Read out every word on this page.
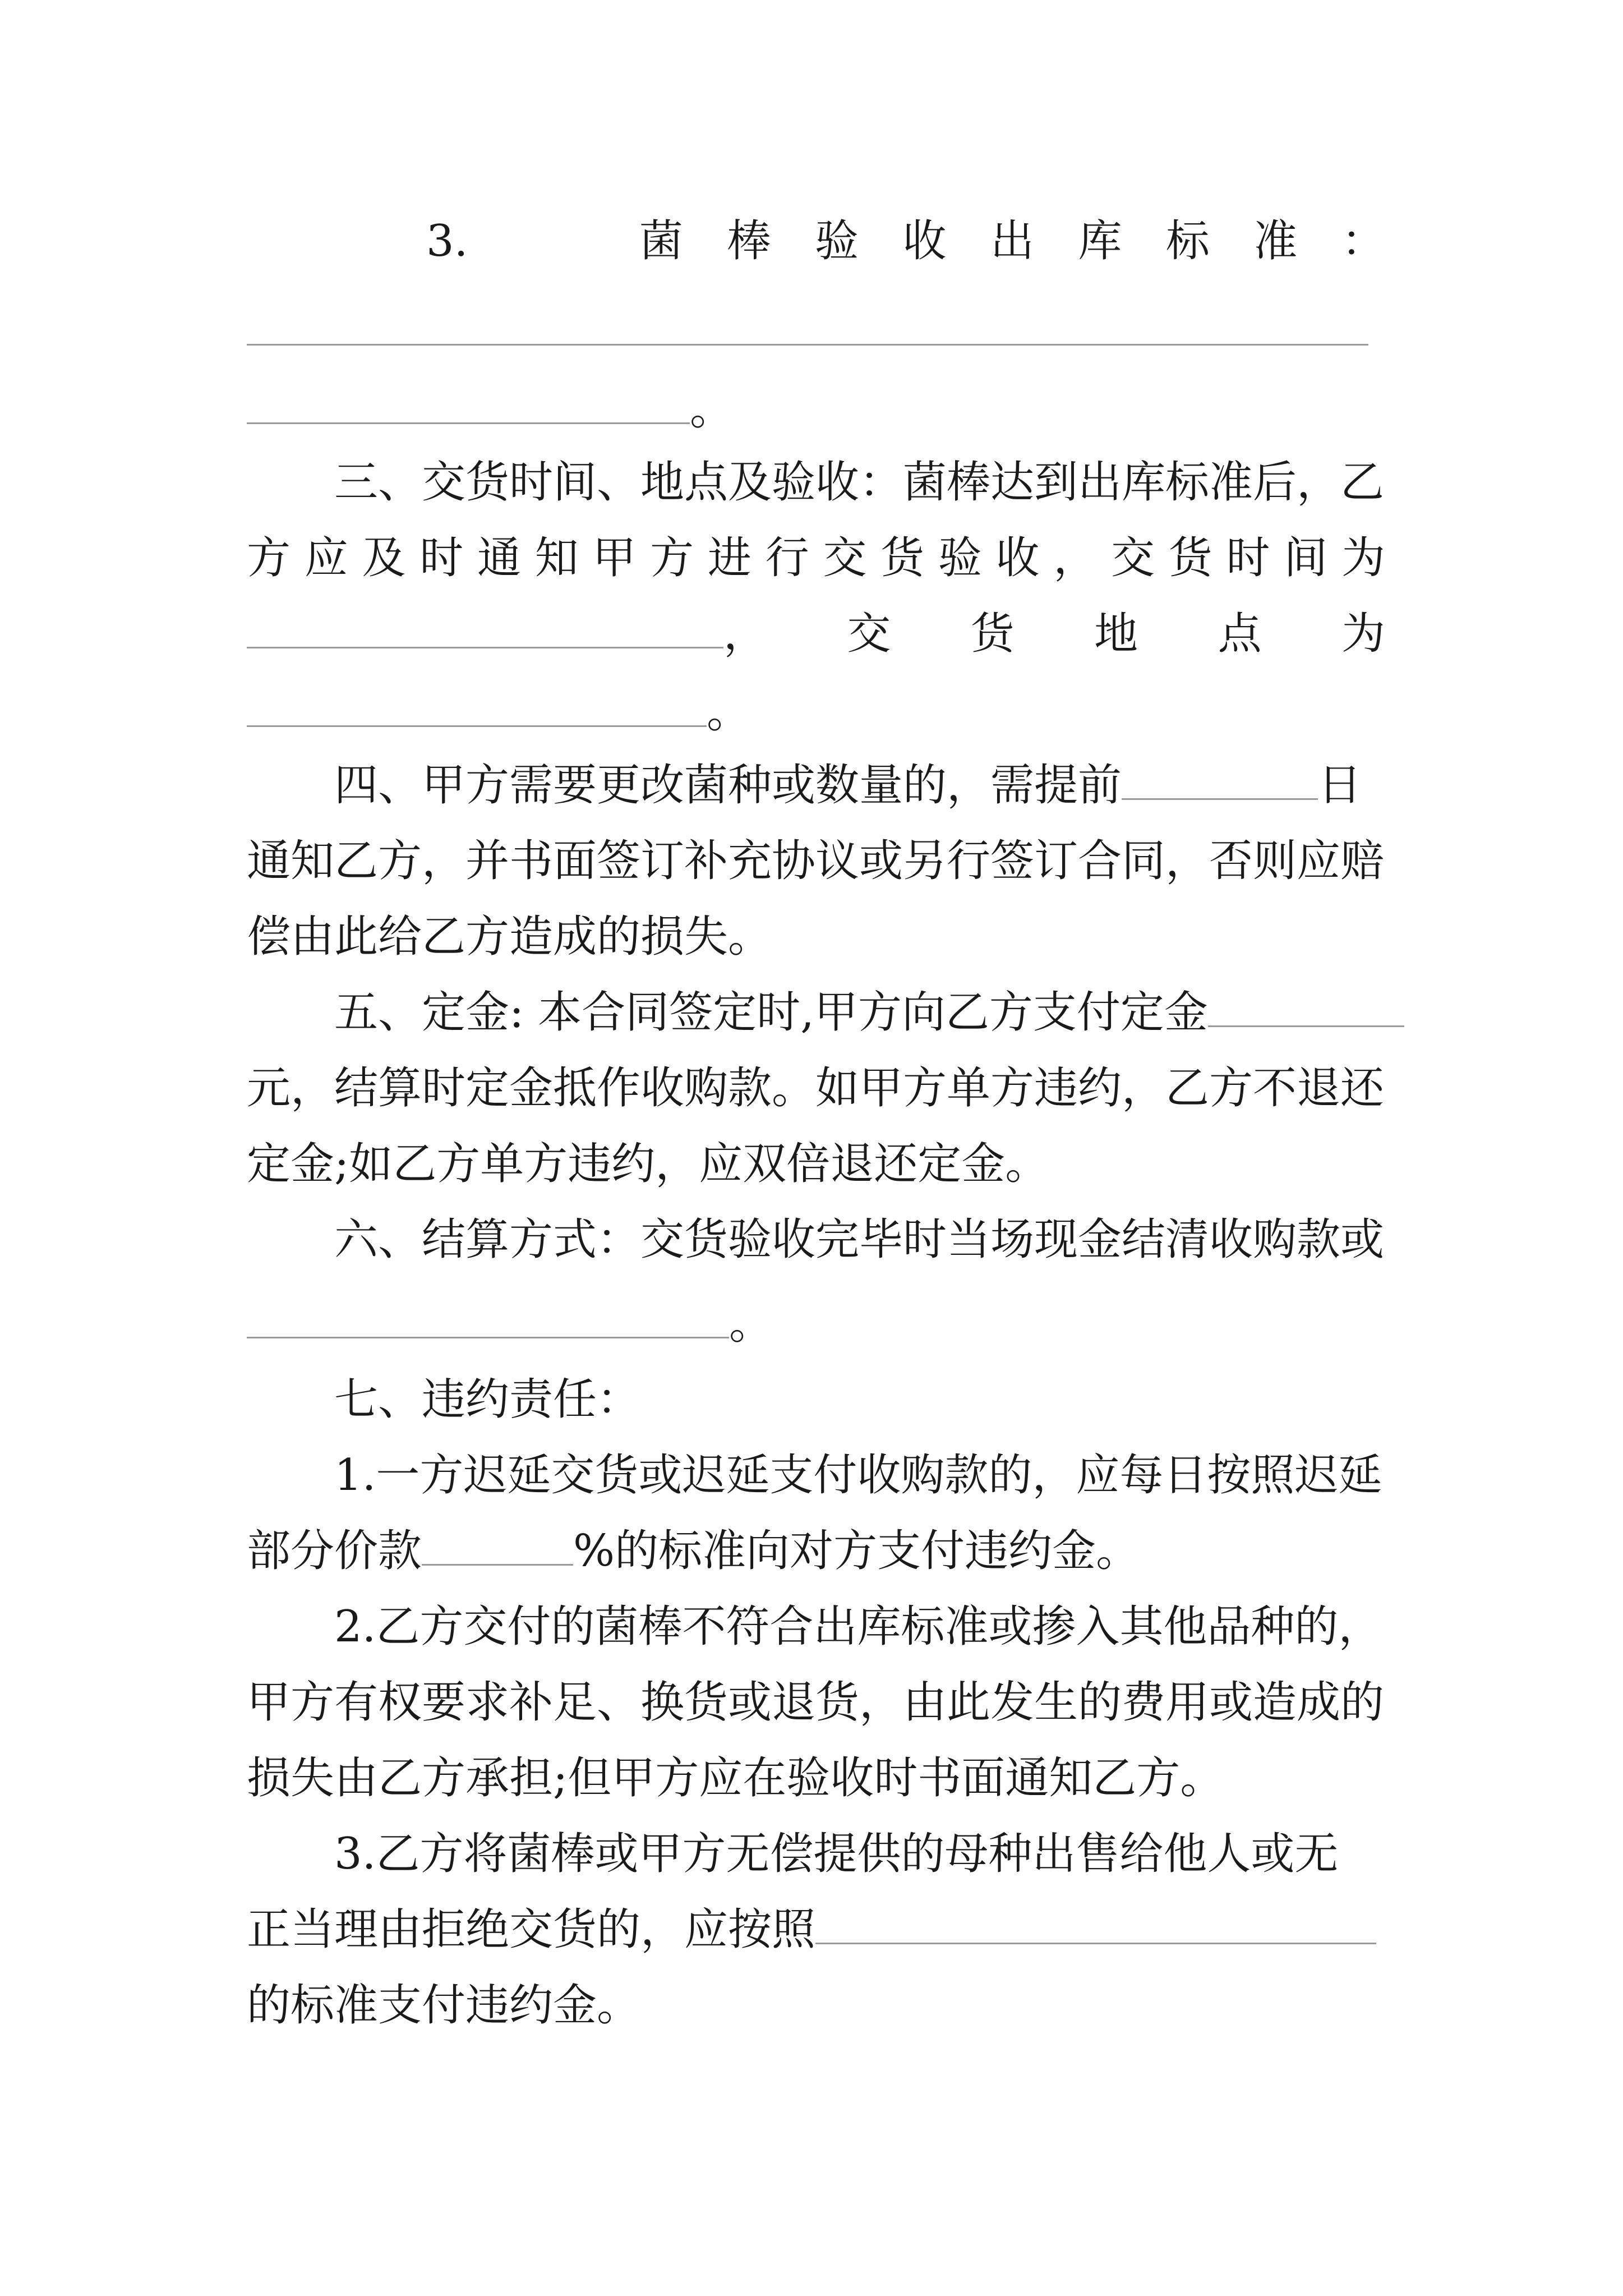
3.	菌 棒 验 收 出 库 标 准 ：
。
三、交货时间、地点及验收：菌棒达到出库标准后，乙
方 应 及 时 通 知 甲 方 进 行 交 货 验 收 ， 交 货 时 间 为
， 交 货 地 点 为
。
四、甲方需要更改菌种或数量的，需提前	日
通知乙方，并书面签订补充协议或另行签订合同，否则应赔
偿由此给乙方造成的损失。
五、定金: 本合同签定时,甲方向乙方支付定金
元，结算时定金抵作收购款。如甲方单方违约，乙方不退还
定金;如乙方单方违约，应双倍退还定金。
六、结算方式：交货验收完毕时当场现金结清收购款或
。
七、违约责任：
1.一方迟延交货或迟延支付收购款的，应每日按照迟延
部分价款	%的标准向对方支付违约金。
2.乙方交付的菌棒不符合出库标准或掺入其他品种的，
甲方有权要求补足、换货或退货，由此发生的费用或造成的
损失由乙方承担;但甲方应在验收时书面通知乙方。
3.乙方将菌棒或甲方无偿提供的母种出售给他人或无
正当理由拒绝交货的，应按照
的标准支付违约金。
